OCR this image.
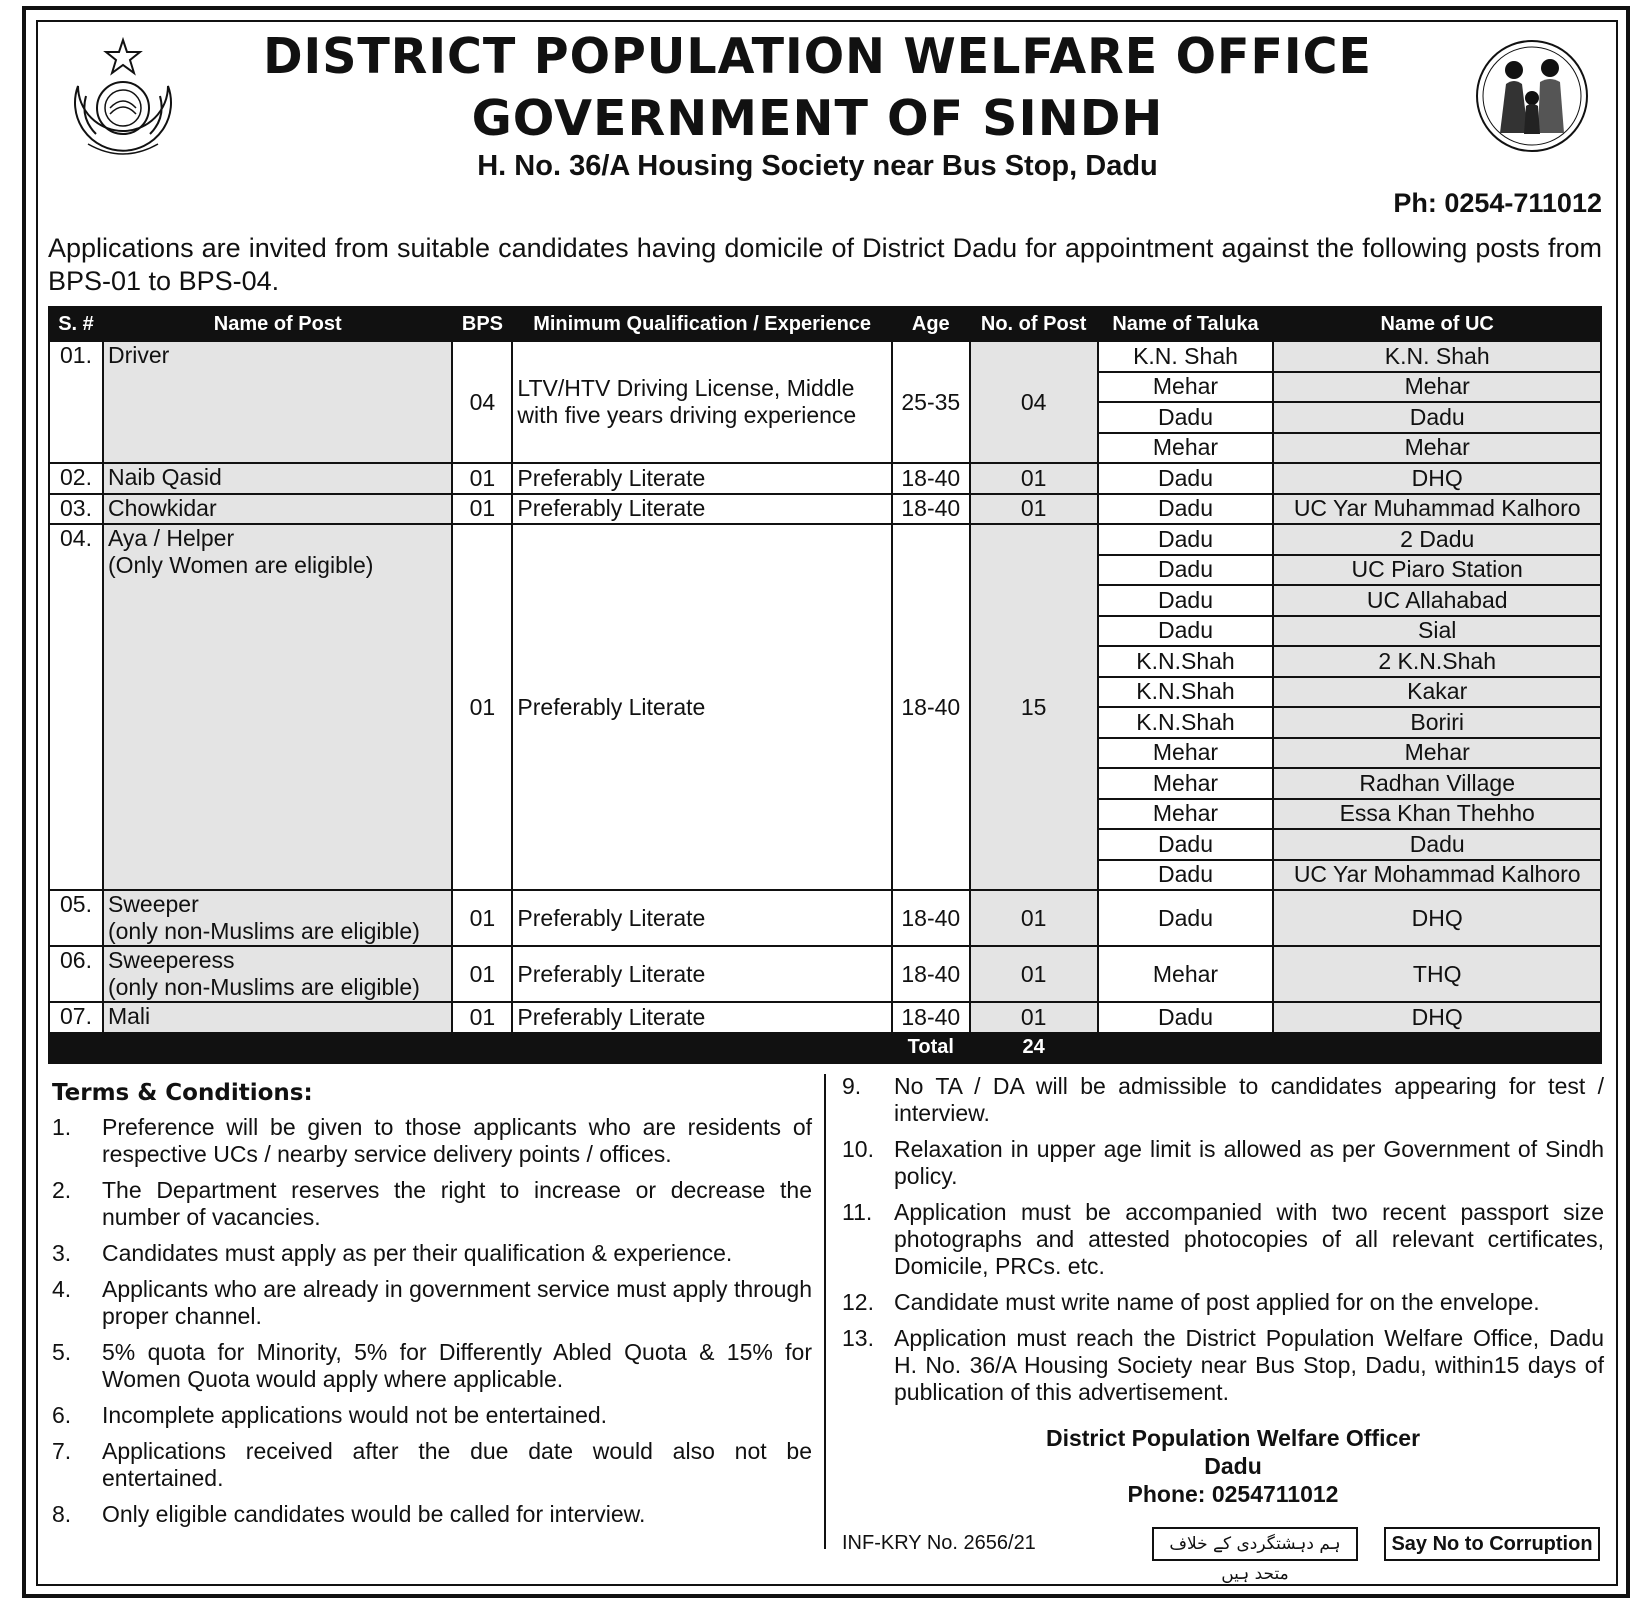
DISTRICT POPULATION WELFARE OFFICE
GOVERNMENT OF SINDH
H. No. 36/A Housing Society near Bus Stop, Dadu
Ph: 0254-711012
Applications are invited from suitable candidates having domicile of District Dadu for appointment against the following posts from BPS-01 to BPS-04.
S. #	Name of Post	BPS	Minimum Qualification / Experience	Age	No. of Post	Name of Taluka	Name of UC
01.	Driver	04	LTV/HTV Driving License, Middle with five years driving experience	25-35	04	K.N. Shah	K.N. Shah
						Mehar	Mehar
						Dadu	Dadu
						Mehar	Mehar
02.	Naib Qasid	01	Preferably Literate	18-40	01	Dadu	DHQ
03.	Chowkidar	01	Preferably Literate	18-40	01	Dadu	UC Yar Muhammad Kalhoro
04.	Aya / Helper
(Only Women are eligible)	01	Preferably Literate	18-40	15	Dadu	2 Dadu
						Dadu	UC Piaro Station
						Dadu	UC Allahabad
						Dadu	Sial
						K.N.Shah	2 K.N.Shah
						K.N.Shah	Kakar
						K.N.Shah	Boriri
						Mehar	Mehar
						Mehar	Radhan Village
						Mehar	Essa Khan Thehho
						Dadu	Dadu
						Dadu	UC Yar Mohammad Kalhoro
05.	Sweeper
(only non-Muslims are eligible)	01	Preferably Literate	18-40	01	Dadu	DHQ
06.	Sweeperess
(only non-Muslims are eligible)	01	Preferably Literate	18-40	01	Mehar	THQ
07.	Mali	01	Preferably Literate	18-40	01	Dadu	DHQ
				Total	24		
Terms & Conditions:
1.	Preference will be given to those applicants who are residents of respective UCs / nearby service delivery points / offices.
2.	The Department reserves the right to increase or decrease the number of vacancies.
3.	Candidates must apply as per their qualification & experience.
4.	Applicants who are already in government service must apply through proper channel.
5.	5% quota for Minority, 5% for Differently Abled Quota & 15% for Women Quota would apply where applicable.
6.	Incomplete applications would not be entertained.
7.	Applications received after the due date would also not be entertained.
8.	Only eligible candidates would be called for interview.
9.	No TA / DA will be admissible to candidates appearing for test / interview.
10. Relaxation in upper age limit is allowed as per Government of Sindh policy.
11. Application must be accompanied with two recent passport size photographs and attested photocopies of all relevant certificates, Domicile, PRCs. etc.
12. Candidate must write name of post applied for on the envelope.
13. Application must reach the District Population Welfare Office, Dadu H. No. 36/A Housing Society near Bus Stop, Dadu, within15 days of publication of this advertisement.
District Population Welfare Officer
Dadu
Phone: 0254711012
INF-KRY No. 2656/21	ہم دہشتگردی کے خلاف متحد ہیں
Say No to Corruption
